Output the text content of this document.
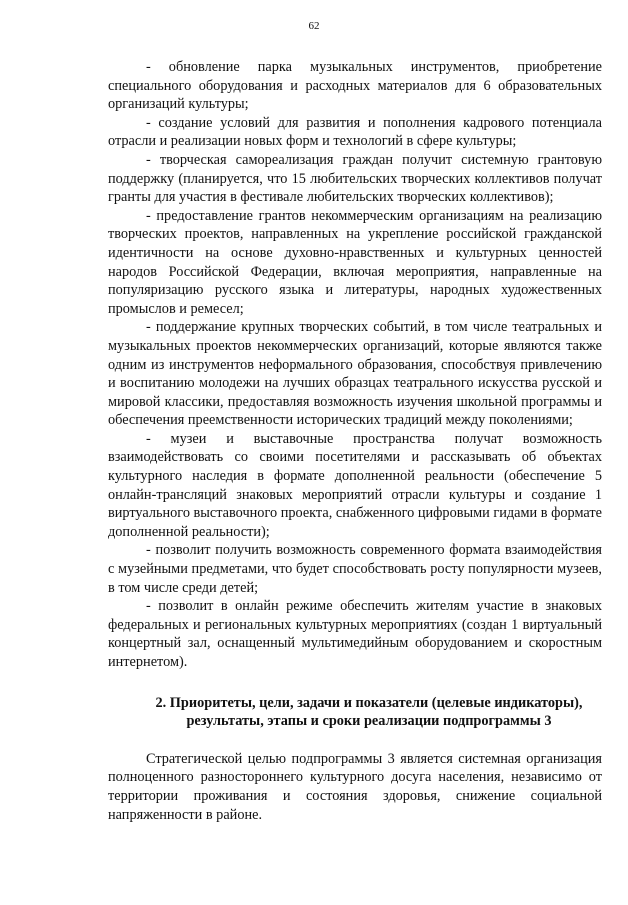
62

- обновление парка музыкальных инструментов, приобретение специального оборудования и расходных материалов для 6 образовательных организаций культуры;

- создание условий для развития и пополнения кадрового потенциала отрасли и реализации новых форм и технологий в сфере культуры;

- творческая самореализация граждан получит системную грантовую поддержку (планируется, что 15 любительских творческих коллективов получат гранты для участия в фестивале любительских творческих коллективов);

- предоставление грантов некоммерческим организациям на реализацию творческих проектов, направленных на укрепление российской гражданской идентичности на основе духовно-нравственных и культурных ценностей народов Российской Федерации, включая мероприятия, направленные на популяризацию русского языка и литературы, народных художественных промыслов и ремесел;

- поддержание крупных творческих событий, в том числе театральных и музыкальных проектов некоммерческих организаций, которые являются также одним из инструментов неформального образования, способствуя привлечению и воспитанию молодежи на лучших образцах театрального искусства русской и мировой классики, предоставляя возможность изучения школьной программы и обеспечения преемственности исторических традиций между поколениями;

- музеи и выставочные пространства получат возможность взаимодействовать со своими посетителями и рассказывать об объектах культурного наследия в формате дополненной реальности (обеспечение 5 онлайн-трансляций знаковых мероприятий отрасли культуры и создание 1 виртуального выставочного проекта, снабженного цифровыми гидами в формате дополненной реальности);

- позволит получить возможность современного формата взаимодействия с музейными предметами, что будет способствовать росту популярности музеев, в том числе среди детей;

- позволит в онлайн режиме обеспечить жителям участие в знаковых федеральных и региональных культурных мероприятиях (создан 1 виртуальный концертный зал, оснащенный мультимедийным оборудованием и скоростным интернетом).

2. Приоритеты, цели, задачи и показатели (целевые индикаторы), результаты, этапы и сроки реализации подпрограммы 3

Стратегической целью подпрограммы 3 является системная организация полноценного разностороннего культурного досуга населения, независимо от территории проживания и состояния здоровья, снижение социальной напряженности в районе.
